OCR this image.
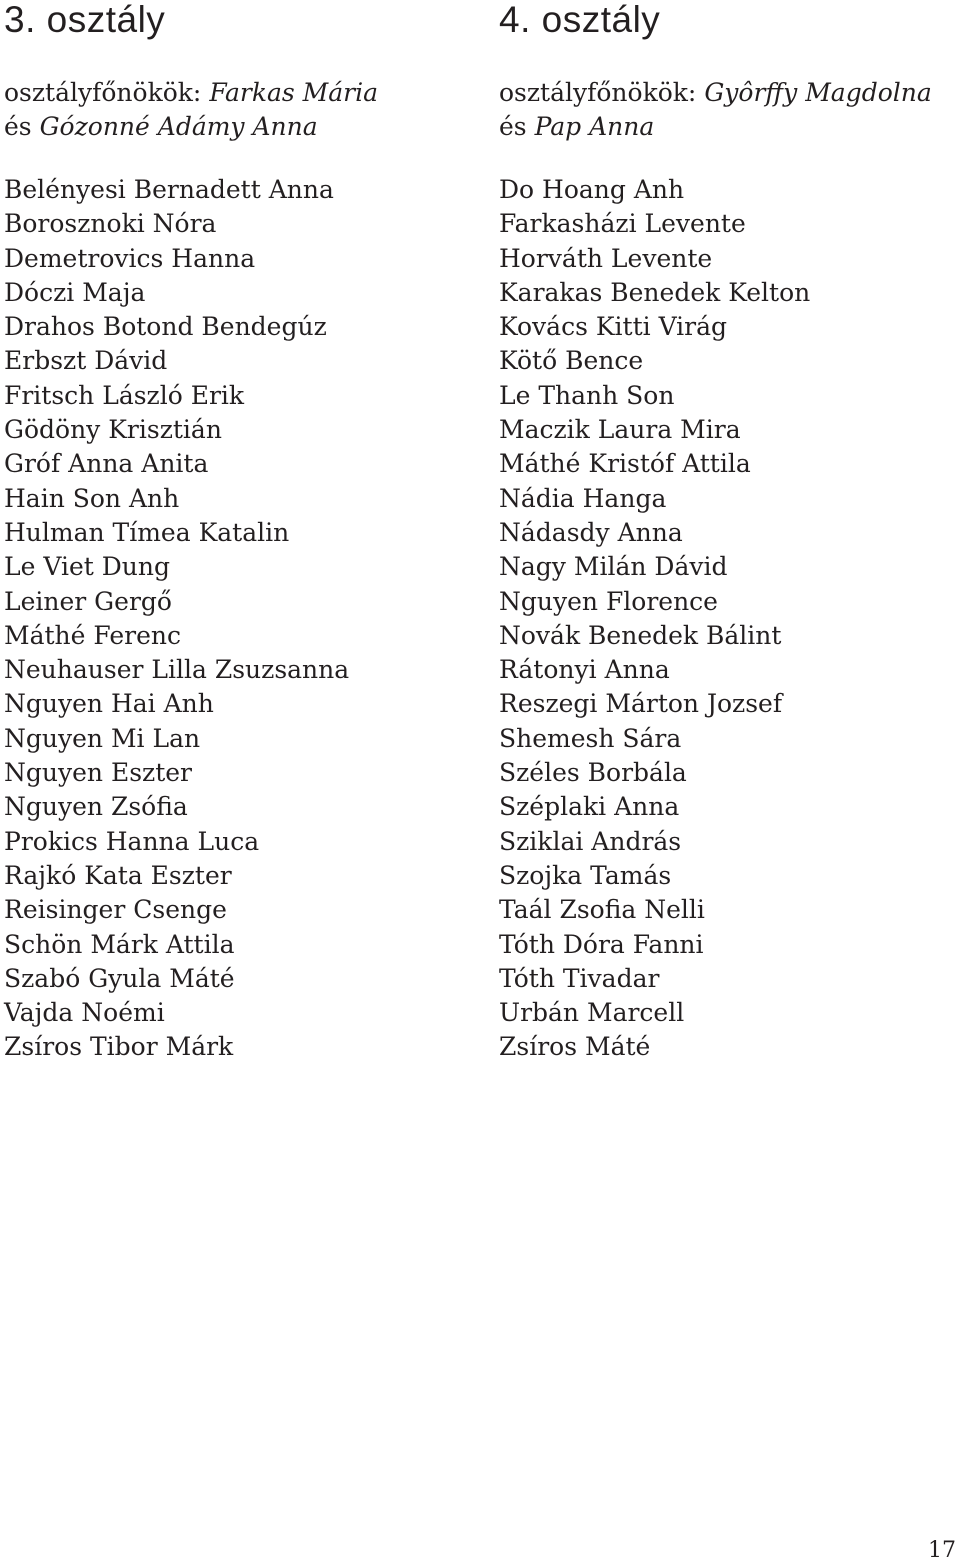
3. osztály
osztályfőnökök: Farkas Mária
és Gózonné Adámy Anna
Belényesi Bernadett Anna
Borosznoki Nóra
Demetrovics Hanna
Dóczi Maja
Drahos Botond Bendegúz
Erbszt Dávid
Fritsch László Erik
Gödöny Krisztián
Gróf Anna Anita
Hain Son Anh
Hulman Tímea Katalin
Le Viet Dung
Leiner Gergő
Máthé Ferenc
Neuhauser Lilla Zsuzsanna
Nguyen Hai Anh
Nguyen Mi Lan
Nguyen Eszter
Nguyen Zsófia
Prokics Hanna Luca
Rajkó Kata Eszter
Reisinger Csenge
Schön Márk Attila
Szabó Gyula Máté
Vajda Noémi
Zsíros Tibor Márk
4. osztály
osztályfőnökök: Gyôrffy Magdolna
és Pap Anna
Do Hoang Anh
Farkasházi Levente
Horváth Levente
Karakas Benedek Kelton
Kovács Kitti Virág
Kötő Bence
Le Thanh Son
Maczik Laura Mira
Máthé Kristóf Attila
Nádia Hanga
Nádasdy Anna
Nagy Milán Dávid
Nguyen Florence
Novák Benedek Bálint
Rátonyi Anna
Reszegi Márton Jozsef
Shemesh Sára
Széles Borbála
Széplaki Anna
Sziklai András
Szojka Tamás
Taál Zsofia Nelli
Tóth Dóra Fanni
Tóth Tivadar
Urbán Marcell
Zsíros Máté
17
